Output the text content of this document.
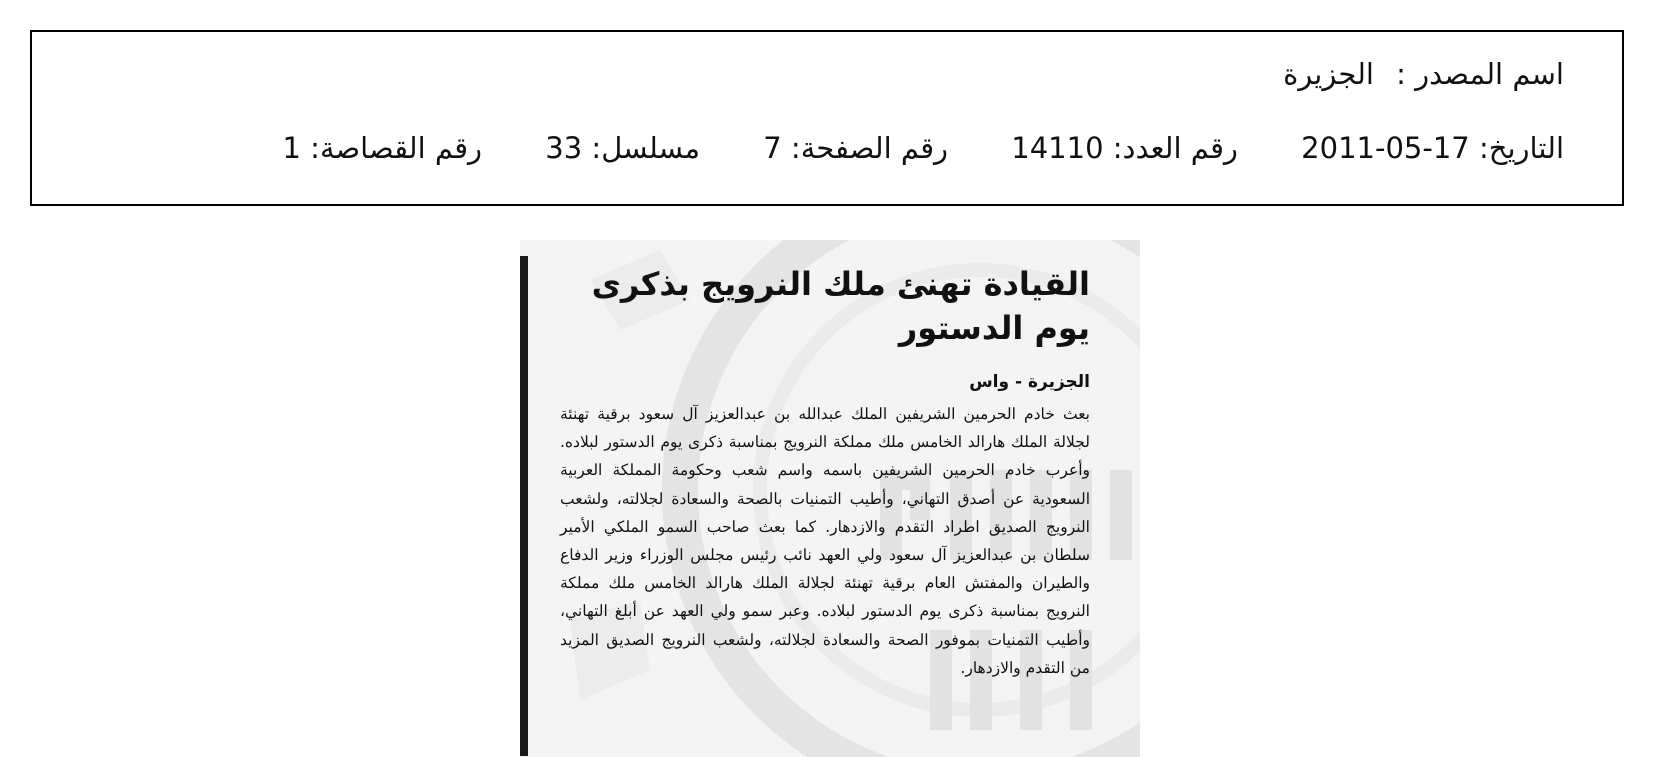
اسم المصدر :الجزيرة
التاريخ: 17-05-2011 رقم العدد: 14110 رقم الصفحة: 7 مسلسل: 33 رقم القصاصة: 1
القيادة تهنئ ملك النرويج بذكرى يوم الدستور
الجزيرة - واس

بعث خادم الحرمين الشريفين الملك عبدالله بن عبدالعزيز آل سعود برقية تهنئة لجلالة الملك هارالد الخامس ملك مملكة النرويج بمناسبة ذكرى يوم الدستور لبلاده. وأعرب خادم الحرمين الشريفين باسمه واسم شعب وحكومة المملكة العربية السعودية عن أصدق التهاني، وأطيب التمنيات بالصحة والسعادة لجلالته، ولشعب النرويج الصديق اطراد التقدم والازدهار. كما بعث صاحب السمو الملكي الأمير سلطان بن عبدالعزيز آل سعود ولي العهد نائب رئيس مجلس الوزراء وزير الدفاع والطيران والمفتش العام برقية تهنئة لجلالة الملك هارالد الخامس ملك مملكة النرويج بمناسبة ذكرى يوم الدستور لبلاده. وعبر سمو ولي العهد عن أبلغ التهاني، وأطيب التمنيات بموفور الصحة والسعادة لجلالته، ولشعب النرويج الصديق المزيد من التقدم والازدهار.
